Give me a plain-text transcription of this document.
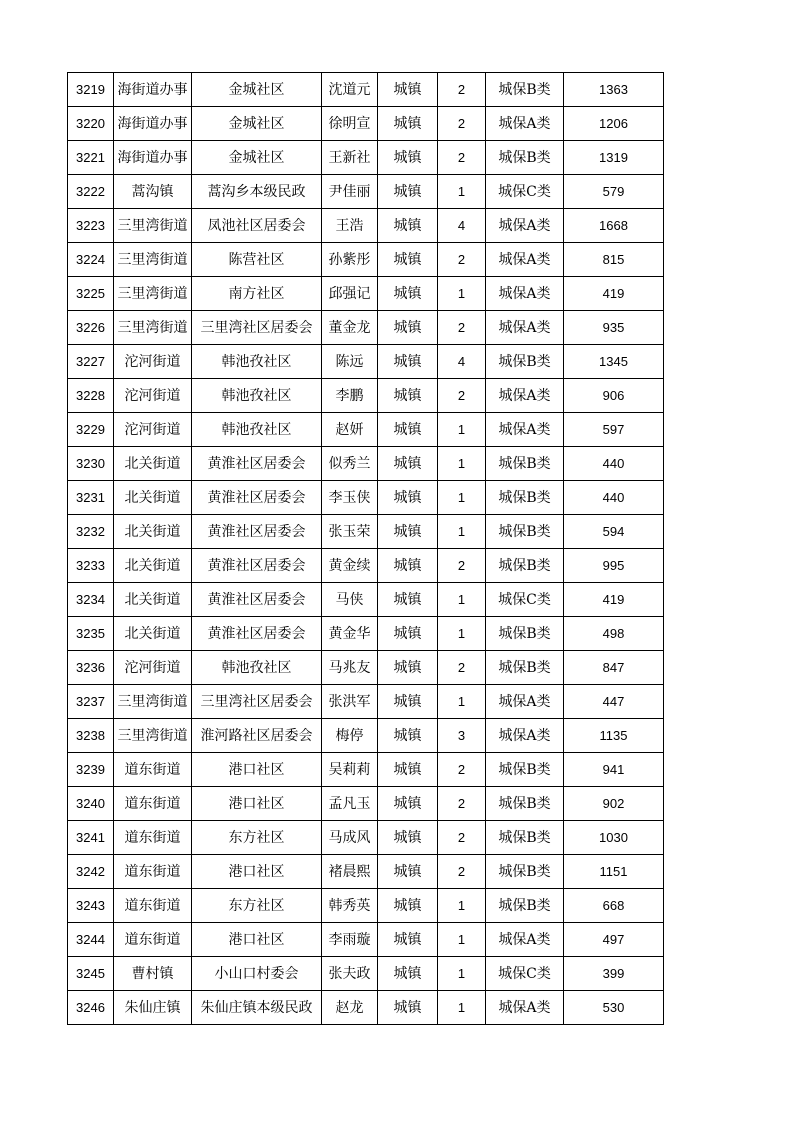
3219	海街道办事	金城社区	沈道元	城镇	2	城保B类	1363
3220	海街道办事	金城社区	徐明宣	城镇	2	城保A类	1206
3221	海街道办事	金城社区	王新社	城镇	2	城保B类	1319
3222	蒿沟镇	蒿沟乡本级民政	尹佳丽	城镇	1	城保C类	579
3223	三里湾街道	凤池社区居委会	王浩	城镇	4	城保A类	1668
3224	三里湾街道	陈营社区	孙紫彤	城镇	2	城保A类	815
3225	三里湾街道	南方社区	邱强记	城镇	1	城保A类	419
3226	三里湾街道	三里湾社区居委会	董金龙	城镇	2	城保A类	935
3227	沱河街道	韩池孜社区	陈远	城镇	4	城保B类	1345
3228	沱河街道	韩池孜社区	李鹏	城镇	2	城保A类	906
3229	沱河街道	韩池孜社区	赵妍	城镇	1	城保A类	597
3230	北关街道	黄淮社区居委会	似秀兰	城镇	1	城保B类	440
3231	北关街道	黄淮社区居委会	李玉侠	城镇	1	城保B类	440
3232	北关街道	黄淮社区居委会	张玉荣	城镇	1	城保B类	594
3233	北关街道	黄淮社区居委会	黄金续	城镇	2	城保B类	995
3234	北关街道	黄淮社区居委会	马侠	城镇	1	城保C类	419
3235	北关街道	黄淮社区居委会	黄金华	城镇	1	城保B类	498
3236	沱河街道	韩池孜社区	马兆友	城镇	2	城保B类	847
3237	三里湾街道	三里湾社区居委会	张洪军	城镇	1	城保A类	447
3238	三里湾街道	淮河路社区居委会	梅停	城镇	3	城保A类	1135
3239	道东街道	港口社区	吴莉莉	城镇	2	城保B类	941
3240	道东街道	港口社区	孟凡玉	城镇	2	城保B类	902
3241	道东街道	东方社区	马成风	城镇	2	城保B类	1030
3242	道东街道	港口社区	褚晨熙	城镇	2	城保B类	1151
3243	道东街道	东方社区	韩秀英	城镇	1	城保B类	668
3244	道东街道	港口社区	李雨璇	城镇	1	城保A类	497
3245	曹村镇	小山口村委会	张夫政	城镇	1	城保C类	399
3246	朱仙庄镇	朱仙庄镇本级民政	赵龙	城镇	1	城保A类	530
